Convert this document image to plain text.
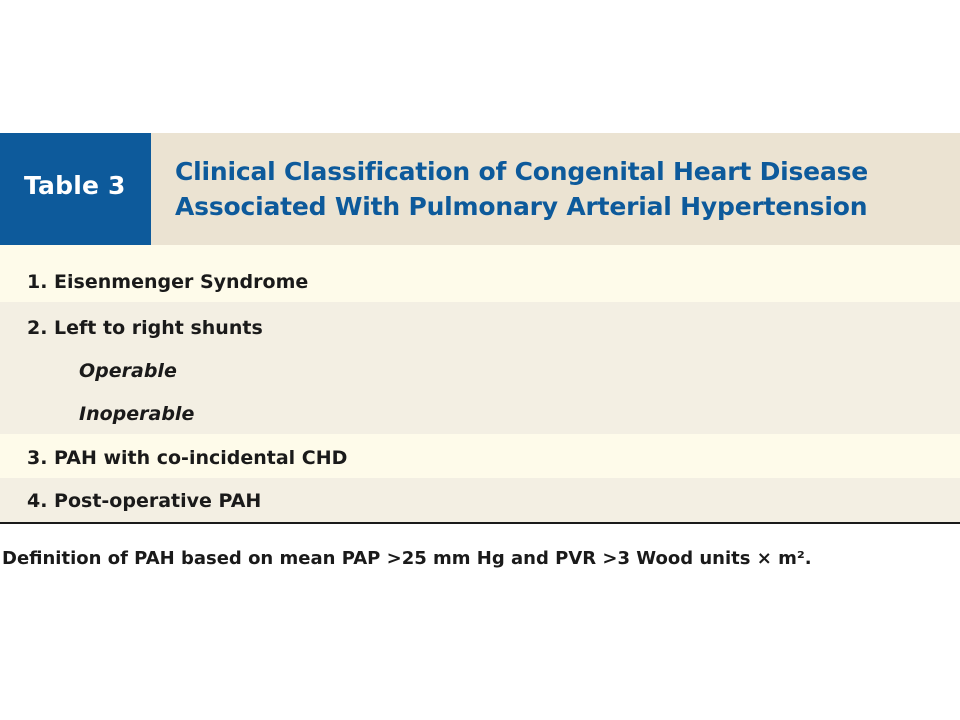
Table 3 Clinical Classification of Congenital Heart Disease
Associated With Pulmonary Arterial Hypertension
1. Eisenmenger Syndrome
2. Left to right shunts
Operable
Inoperable
3. PAH with co-incidental CHD
4. Post-operative PAH
Definition of PAH based on mean PAP >25 mm Hg and PVR >3 Wood units × m².
